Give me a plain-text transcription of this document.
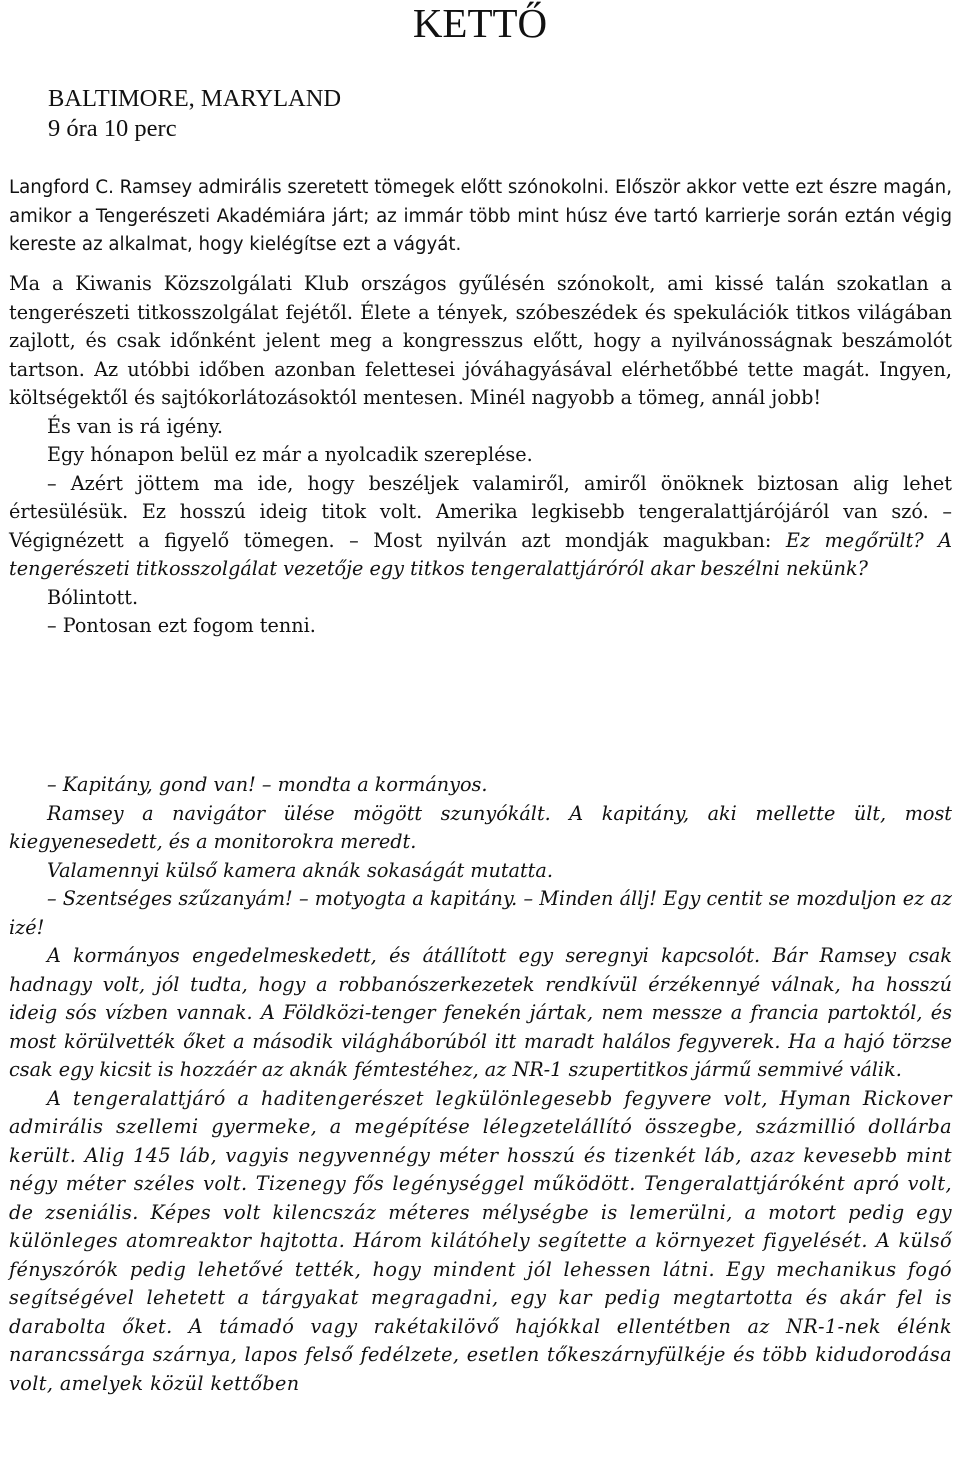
KETTŐ
BALTIMORE, MARYLAND
9 óra 10 perc

Langford C. Ramsey admirális szeretett tömegek előtt szónokolni. Először akkor vette ezt észre magán, amikor a Tengerészeti Akadémiára járt; az immár több mint húsz éve tartó karrierje során eztán végig kereste az alkalmat, hogy kielégítse ezt a vágyát.

Ma a Kiwanis Közszolgálati Klub országos gyűlésén szónokolt, ami kissé talán szokatlan a tengerészeti titkosszolgálat fejétől. Élete a tények, szóbeszédek és spekulációk titkos világában zajlott, és csak időnként jelent meg a kongresszus előtt, hogy a nyilvánosságnak beszámolót tartson. Az utóbbi időben azonban felettesei jóváhagyásával elérhetőbbé tette magát. Ingyen, költségektől és sajtókorlátozásoktól mentesen. Minél nagyobb a tömeg, annál jobb!

És van is rá igény.

Egy hónapon belül ez már a nyolcadik szereplése.

– Azért jöttem ma ide, hogy beszéljek valamiről, amiről önöknek biztosan alig lehet értesülésük. Ez hosszú ideig titok volt. Amerika legkisebb tengeralattjárójáról van szó. – Végignézett a figyelő tömegen. – Most nyilván azt mondják magukban: Ez megőrült? A tengerészeti titkosszolgálat vezetője egy titkos tengeralattjáróról akar beszélni nekünk?

Bólintott.

– Pontosan ezt fogom tenni.

– Kapitány, gond van! – mondta a kormányos.

Ramsey a navigátor ülése mögött szunyókált. A kapitány, aki mellette ült, most kiegyenesedett, és a monitorokra meredt.

Valamennyi külső kamera aknák sokaságát mutatta.

– Szentséges szűzanyám! – motyogta a kapitány. – Minden állj! Egy centit se mozduljon ez az izé!

A kormányos engedelmeskedett, és átállított egy seregnyi kapcsolót. Bár Ramsey csak hadnagy volt, jól tudta, hogy a robbanószerkezetek rendkívül érzékennyé válnak, ha hosszú ideig sós vízben vannak. A Földközi-tenger fenekén jártak, nem messze a francia partoktól, és most körülvették őket a második világháborúból itt maradt halálos fegyverek. Ha a hajó törzse csak egy kicsit is hozzáér az aknák fémtestéhez, az NR-1 szupertitkos jármű semmivé válik.

A tengeralattjáró a haditengerészet legkülönlegesebb fegyvere volt, Hyman Rickover admirális szellemi gyermeke, a megépítése lélegzetelállító összegbe, százmillió dollárba került. Alig 145 láb, vagyis negyvennégy méter hosszú és tizenkét láb, azaz kevesebb mint négy méter széles volt. Tizenegy fős legénységgel működött. Tengeralattjáróként apró volt, de zseniális. Képes volt kilencszáz méteres mélységbe is lemerülni, a motort pedig egy különleges atomreaktor hajtotta. Három kilátóhely segítette a környezet figyelését. A külső fényszórók pedig lehetővé tették, hogy mindent jól lehessen látni. Egy mechanikus fogó segítségével lehetett a tárgyakat megragadni, egy kar pedig megtartotta és akár fel is darabolta őket. A támadó vagy rakétakilövő hajókkal ellentétben az NR-1-nek élénk narancssárga szárnya, lapos felső fedélzete, esetlen tőkeszárnyfülkéje és több kidudorodása volt, amelyek közül kettőben
